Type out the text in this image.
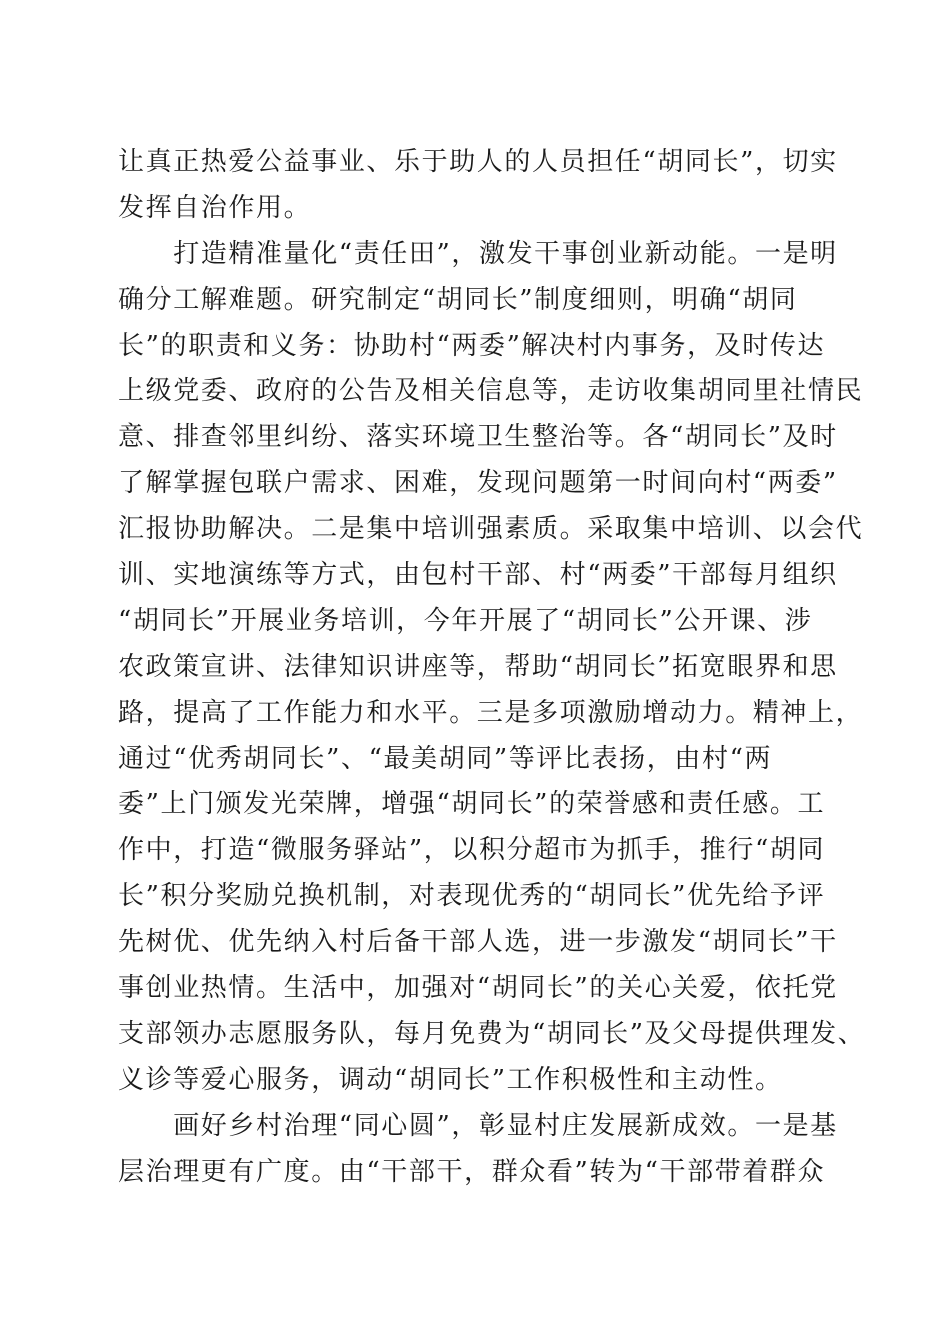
让真正热爱公益事业、乐于助人的人员担任“胡同长”，切实
发挥自治作用。
　　打造精准量化“责任田”，激发干事创业新动能。一是明
确分工解难题。研究制定“胡同长”制度细则，明确“胡同
长”的职责和义务：协助村“两委”解决村内事务，及时传达
上级党委、政府的公告及相关信息等，走访收集胡同里社情民
意、排查邻里纠纷、落实环境卫生整治等。各“胡同长”及时
了解掌握包联户需求、困难，发现问题第一时间向村“两委”
汇报协助解决。二是集中培训强素质。采取集中培训、以会代
训、实地演练等方式，由包村干部、村“两委”干部每月组织
“胡同长”开展业务培训，今年开展了“胡同长”公开课、涉
农政策宣讲、法律知识讲座等，帮助“胡同长”拓宽眼界和思
路，提高了工作能力和水平。三是多项激励增动力。精神上，
通过“优秀胡同长”、“最美胡同”等评比表扬，由村“两
委”上门颁发光荣牌，增强“胡同长”的荣誉感和责任感。工
作中，打造“微服务驿站”，以积分超市为抓手，推行“胡同
长”积分奖励兑换机制，对表现优秀的“胡同长”优先给予评
先树优、优先纳入村后备干部人选，进一步激发“胡同长”干
事创业热情。生活中，加强对“胡同长”的关心关爱，依托党
支部领办志愿服务队，每月免费为“胡同长”及父母提供理发、
义诊等爱心服务，调动“胡同长”工作积极性和主动性。
　　画好乡村治理“同心圆”，彰显村庄发展新成效。一是基
层治理更有广度。由“干部干，群众看”转为“干部带着群众
